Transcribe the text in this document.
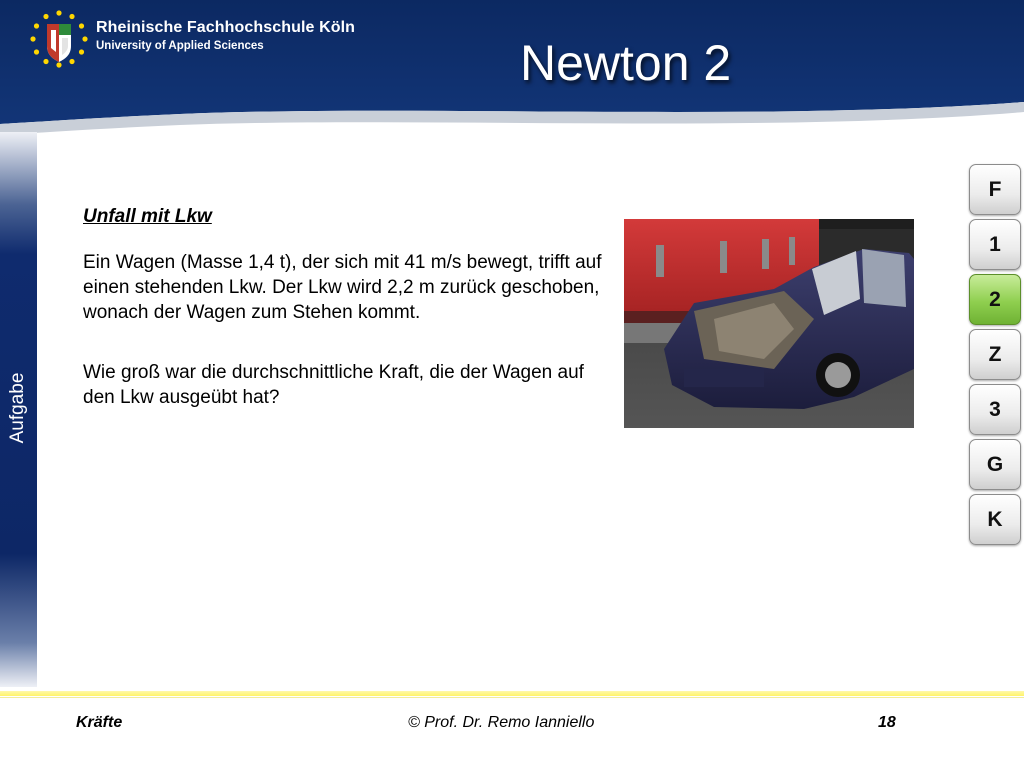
Rheinische Fachhochschule Köln
University of Applied Sciences	Newton 2
Aufgabe
Unfall mit Lkw
Ein Wagen (Masse 1,4 t), der sich mit 41 m/s bewegt, trifft auf einen stehenden Lkw. Der Lkw wird 2,2 m zurück geschoben, wonach der Wagen zum Stehen kommt.
Wie groß war die durchschnittliche Kraft, die der Wagen auf den Lkw ausgeübt hat?
F
1
2
Z
3
G
K
Kräfte	© Prof. Dr. Remo Ianniello	18
